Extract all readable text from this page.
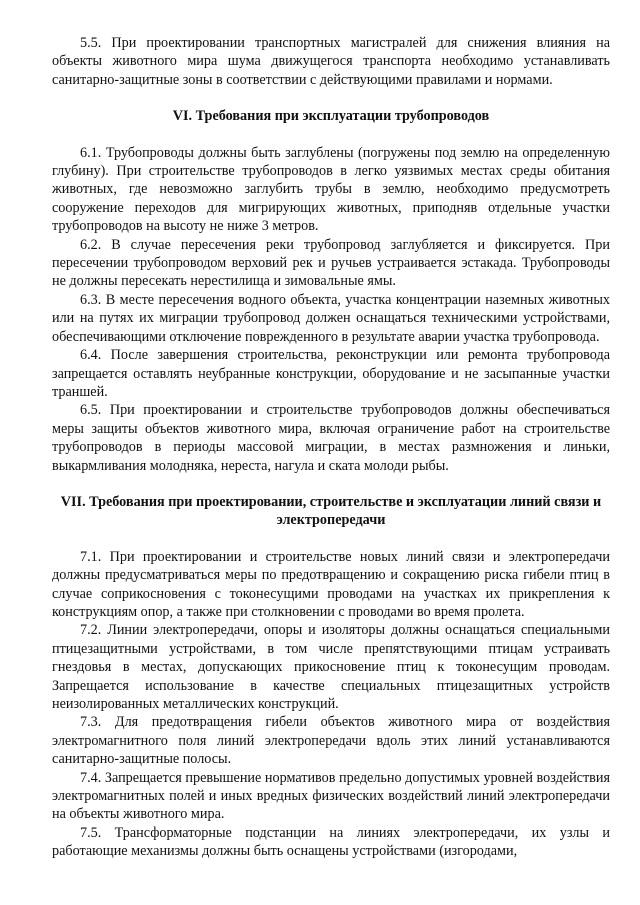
5.5. При проектировании транспортных магистралей для снижения влияния на объекты животного мира шума движущегося транспорта необходимо устанавливать санитарно-защитные зоны в соответствии с действующими правилами и нормами.

VI. Требования при эксплуатации трубопроводов

6.1. Трубопроводы должны быть заглублены (погружены под землю на определенную глубину). При строительстве трубопроводов в легко уязвимых местах среды обитания животных, где невозможно заглубить трубы в землю, необходимо предусмотреть сооружение переходов для мигрирующих животных, приподняв отдельные участки трубопроводов на высоту не ниже 3 метров.

6.2. В случае пересечения реки трубопровод заглубляется и фиксируется. При пересечении трубопроводом верховий рек и ручьев устраивается эстакада. Трубопроводы не должны пересекать нерестилища и зимовальные ямы.

6.3. В месте пересечения водного объекта, участка концентрации наземных животных или на путях их миграции трубопровод должен оснащаться техническими устройствами, обеспечивающими отключение поврежденного в результате аварии участка трубопровода.

6.4. После завершения строительства, реконструкции или ремонта трубопровода запрещается оставлять неубранные конструкции, оборудование и не засыпанные участки траншей.

6.5. При проектировании и строительстве трубопроводов должны обеспечиваться меры защиты объектов животного мира, включая ограничение работ на строительстве трубопроводов в периоды массовой миграции, в местах размножения и линьки, выкармливания молодняка, нереста, нагула и ската молоди рыбы.

VII. Требования при проектировании, строительстве и эксплуатации линий связи и электропередачи

7.1. При проектировании и строительстве новых линий связи и электропередачи должны предусматриваться меры по предотвращению и сокращению риска гибели птиц в случае соприкосновения с токонесущими проводами на участках их прикрепления к конструкциям опор, а также при столкновении с проводами во время пролета.

7.2. Линии электропередачи, опоры и изоляторы должны оснащаться специальными птицезащитными устройствами, в том числе препятствующими птицам устраивать гнездовья в местах, допускающих прикосновение птиц к токонесущим проводам. Запрещается использование в качестве специальных птицезащитных устройств неизолированных металлических конструкций.

7.3. Для предотвращения гибели объектов животного мира от воздействия электромагнитного поля линий электропередачи вдоль этих линий устанавливаются санитарно-защитные полосы.

7.4. Запрещается превышение нормативов предельно допустимых уровней воздействия электромагнитных полей и иных вредных физических воздействий линий электропередачи на объекты животного мира.

7.5. Трансформаторные подстанции на линиях электропередачи, их узлы и работающие механизмы должны быть оснащены устройствами (изгородами,
